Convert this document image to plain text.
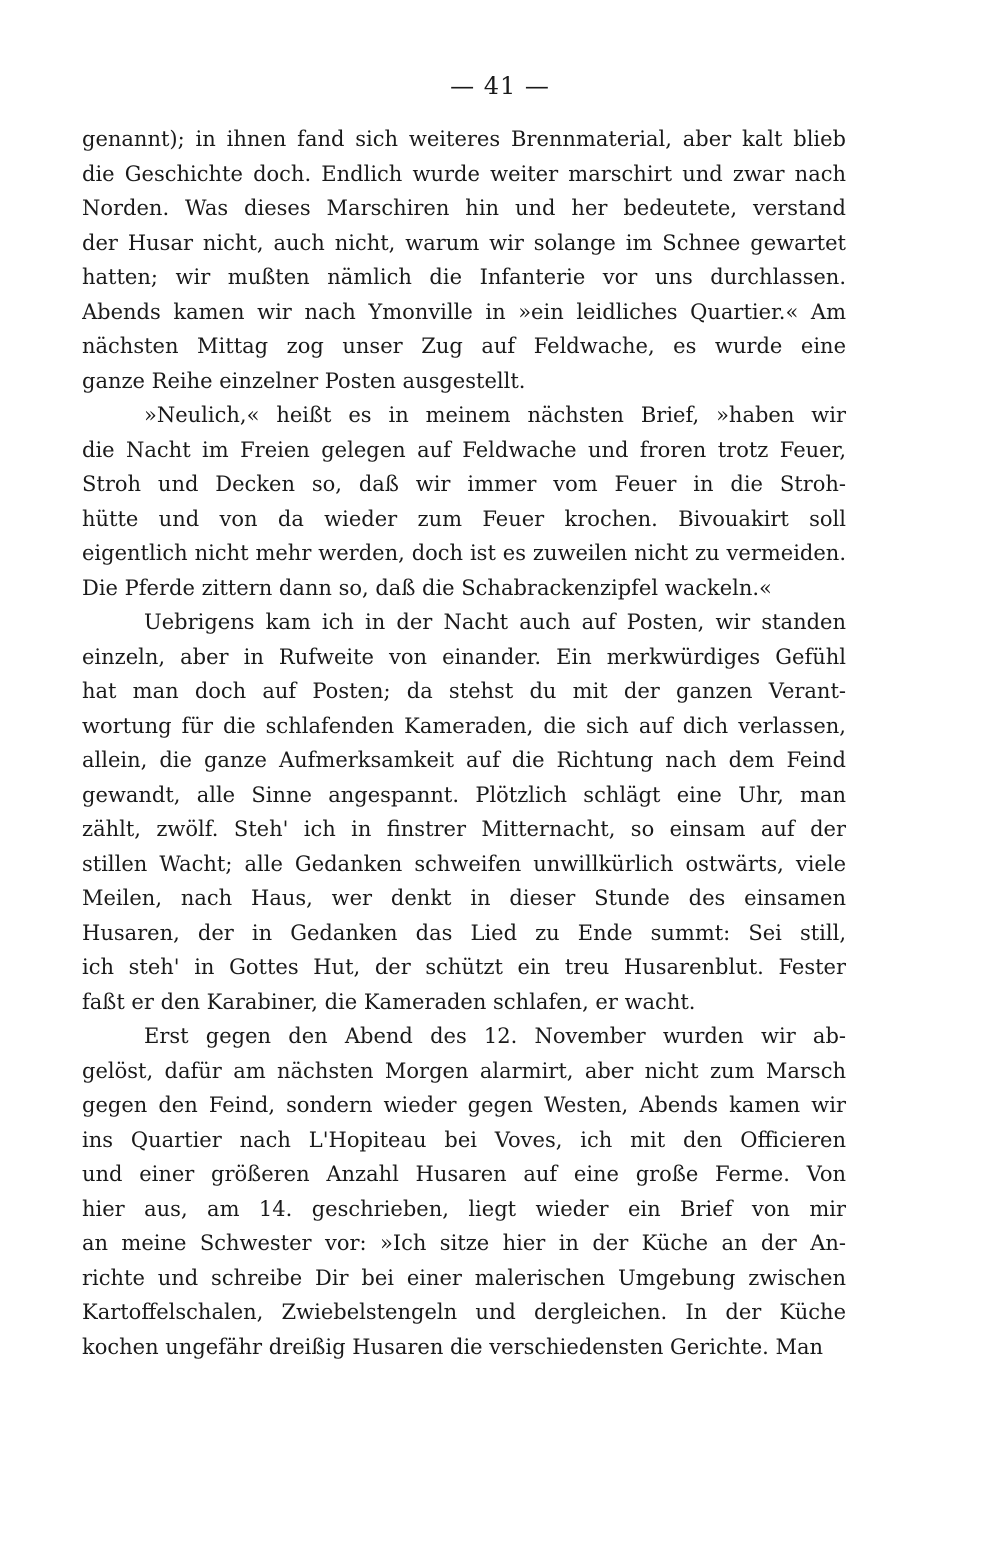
— 41 —
genannt); in ihnen fand sich weiteres Brennmaterial, aber kalt blieb
die Geschichte doch. Endlich wurde weiter marschirt und zwar nach
Norden. Was dieses Marschiren hin und her bedeutete, verstand
der Husar nicht, auch nicht, warum wir solange im Schnee gewartet
hatten; wir mußten nämlich die Infanterie vor uns durchlassen.
Abends kamen wir nach Ymonville in »ein leidliches Quartier.« Am
nächsten Mittag zog unser Zug auf Feldwache, es wurde eine
ganze Reihe einzelner Posten ausgestellt.
»Neulich,« heißt es in meinem nächsten Brief, »haben wir
die Nacht im Freien gelegen auf Feldwache und froren trotz Feuer,
Stroh und Decken so, daß wir immer vom Feuer in die Stroh-
hütte und von da wieder zum Feuer krochen. Bivouakirt soll
eigentlich nicht mehr werden, doch ist es zuweilen nicht zu vermeiden.
Die Pferde zittern dann so, daß die Schabrackenzipfel wackeln.«
Uebrigens kam ich in der Nacht auch auf Posten, wir standen
einzeln, aber in Rufweite von einander. Ein merkwürdiges Gefühl
hat man doch auf Posten; da stehst du mit der ganzen Verant-
wortung für die schlafenden Kameraden, die sich auf dich verlassen,
allein, die ganze Aufmerksamkeit auf die Richtung nach dem Feind
gewandt, alle Sinne angespannt. Plötzlich schlägt eine Uhr, man
zählt, zwölf. Steh' ich in finstrer Mitternacht, so einsam auf der
stillen Wacht; alle Gedanken schweifen unwillkürlich ostwärts, viele
Meilen, nach Haus, wer denkt in dieser Stunde des einsamen
Husaren, der in Gedanken das Lied zu Ende summt: Sei still,
ich steh' in Gottes Hut, der schützt ein treu Husarenblut. Fester
faßt er den Karabiner, die Kameraden schlafen, er wacht.
Erst gegen den Abend des 12. November wurden wir ab-
gelöst, dafür am nächsten Morgen alarmirt, aber nicht zum Marsch
gegen den Feind, sondern wieder gegen Westen, Abends kamen wir
ins Quartier nach L'Hopiteau bei Voves, ich mit den Officieren
und einer größeren Anzahl Husaren auf eine große Ferme. Von
hier aus, am 14. geschrieben, liegt wieder ein Brief von mir
an meine Schwester vor: »Ich sitze hier in der Küche an der An-
richte und schreibe Dir bei einer malerischen Umgebung zwischen
Kartoffelschalen, Zwiebelstengeln und dergleichen. In der Küche
kochen ungefähr dreißig Husaren die verschiedensten Gerichte. Man
